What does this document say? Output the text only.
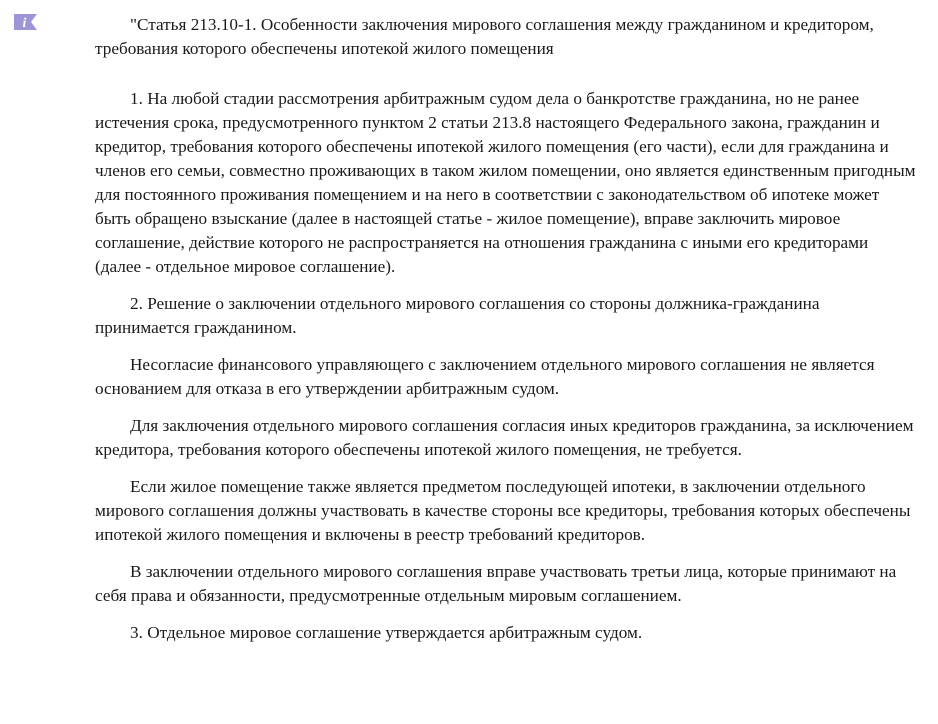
i	"Статья 213.10-1. Особенности заключения мирового соглашения между гражданином и кредитором, требования которого обеспечены ипотекой жилого помещения

1. На любой стадии рассмотрения арбитражным судом дела о банкротстве гражданина, но не ранее истечения срока, предусмотренного пунктом 2 статьи 213.8 настоящего Федерального закона, гражданин и кредитор, требования которого обеспечены ипотекой жилого помещения (его части), если для гражданина и членов его семьи, совместно проживающих в таком жилом помещении, оно является единственным пригодным для постоянного проживания помещением и на него в соответствии с законодательством об ипотеке может быть обращено взыскание (далее в настоящей статье - жилое помещение), вправе заключить мировое соглашение, действие которого не распространяется на отношения гражданина с иными его кредиторами (далее - отдельное мировое соглашение).

2. Решение о заключении отдельного мирового соглашения со стороны должника-гражданина принимается гражданином.

Несогласие финансового управляющего с заключением отдельного мирового соглашения не является основанием для отказа в его утверждении арбитражным судом.

Для заключения отдельного мирового соглашения согласия иных кредиторов гражданина, за исключением кредитора, требования которого обеспечены ипотекой жилого помещения, не требуется.

Если жилое помещение также является предметом последующей ипотеки, в заключении отдельного мирового соглашения должны участвовать в качестве стороны все кредиторы, требования которых обеспечены ипотекой жилого помещения и включены в реестр требований кредиторов.

В заключении отдельного мирового соглашения вправе участвовать третьи лица, которые принимают на себя права и обязанности, предусмотренные отдельным мировым соглашением.

3. Отдельное мировое соглашение утверждается арбитражным судом.
